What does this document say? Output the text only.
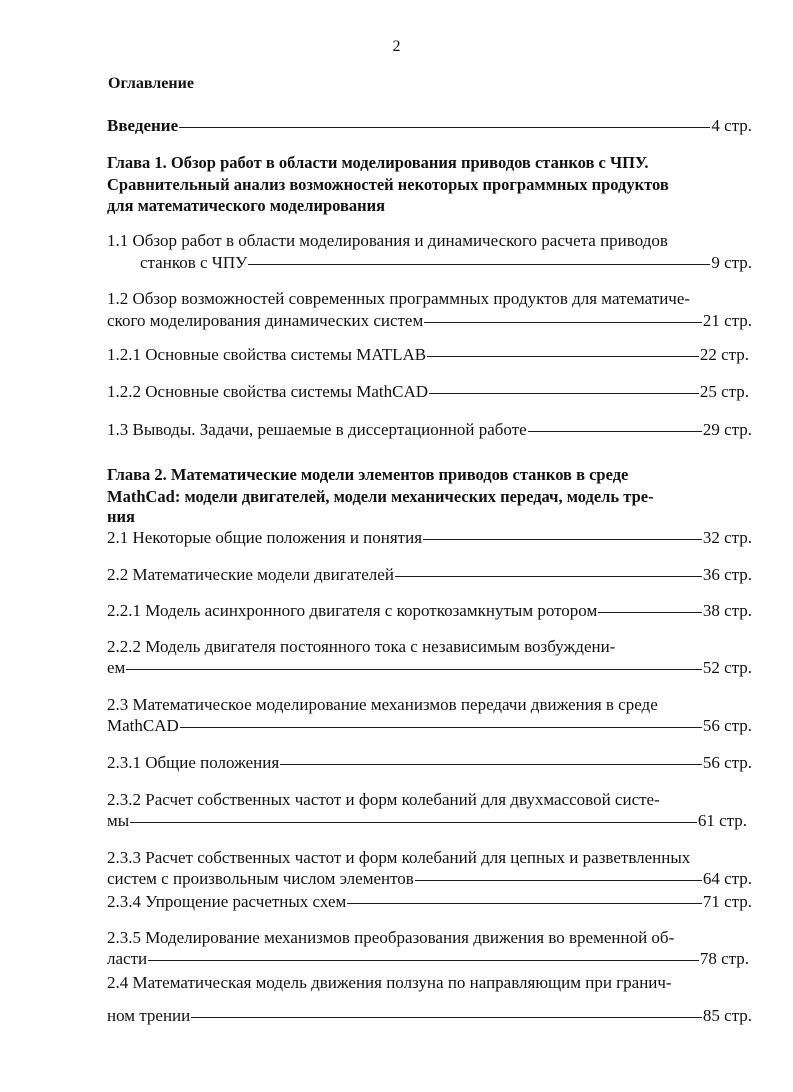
2
Оглавление
Введение	4 стр.
Глава 1. Обзор работ в области моделирования приводов станков с ЧПУ.
Сравнительный анализ возможностей некоторых программных продуктов
для математического моделирования
1.1 Обзор работ в области моделирования и динамического расчета приводов
станков с ЧПУ	9 стр.
1.2 Обзор возможностей современных программных продуктов для математиче-
ского моделирования динамических систем	21 стр.
1.2.1 Основные свойства системы MATLAB	22 стр.
1.2.2 Основные свойства системы MathCAD	25 стр.
1.3 Выводы. Задачи, решаемые в диссертационной работе	29 стр.
Глава 2. Математические модели элементов приводов станков в среде
MathCad: модели двигателей, модели механических передач, модель тре-
ния
2.1 Некоторые общие положения и понятия	32 стр.
2.2 Математические модели двигателей	36 стр.
2.2.1 Модель асинхронного двигателя с короткозамкнутым ротором	38 стр.
2.2.2 Модель двигателя постоянного тока с независимым возбуждени-
ем	52 стр.
2.3 Математическое моделирование механизмов передачи движения в среде
MathCAD	56 стр.
2.3.1 Общие положения	56 стр.
2.3.2 Расчет собственных частот и форм колебаний для двухмассовой систе-
мы	61 стр.
2.3.3 Расчет собственных частот и форм колебаний для цепных и разветвленных
систем с произвольным числом элементов	64 стр.
2.3.4 Упрощение расчетных схем	71 стр.
2.3.5 Моделирование механизмов преобразования движения во временной об-
ласти	78 стр.
2.4 Математическая модель движения ползуна по направляющим при гранич-
ном трении	85 стр.
